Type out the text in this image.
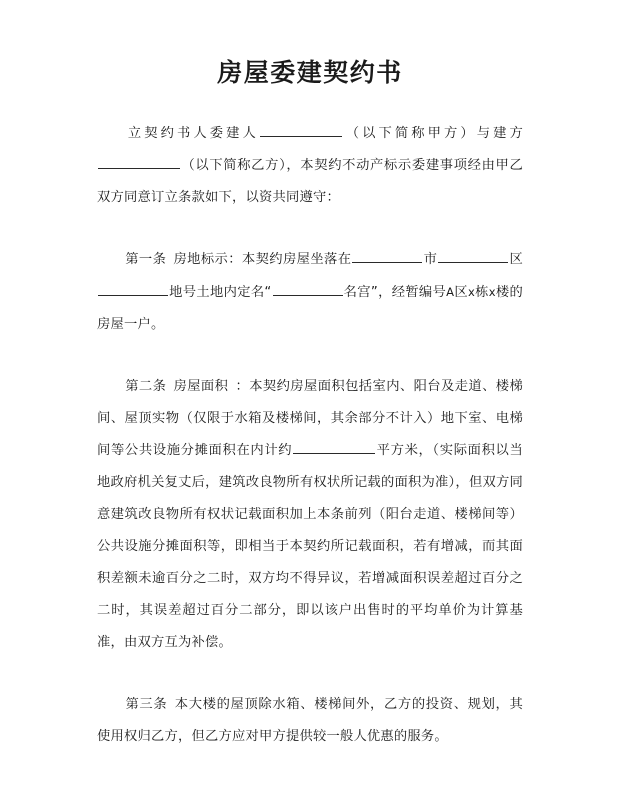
房屋委建契约书

立契约书人委建人	（以下简称甲方）与建方（以下简称乙方），本契约不动产标示委建事项经由甲乙双方同意订立条款如下，以资共同遵守：

第一条 房地标示：本契约房屋坐落在	市	区地号土地内定名“	名宫”，经暂编号A区x栋x楼的房屋一户。

第二条 房屋面积 ：本契约房屋面积包括室内、阳台及走道、楼梯间、屋顶实物（仅限于水箱及楼梯间，其余部分不计入）地下室、电梯间等公共设施分摊面积在内计约	平方米，（实际面积以当地政府机关复丈后，建筑改良物所有权状所记载的面积为准），但双方同意建筑改良物所有权状记载面积加上本条前列（阳台走道、楼梯间等）公共设施分摊面积等，即相当于本契约所记载面积，若有增减，而其面积差额未逾百分之二时，双方均不得异议，若增减面积误差超过百分之二时，其误差超过百分二部分，即以该户出售时的平均单价为计算基准，由双方互为补偿。

第三条 本大楼的屋顶除水箱、楼梯间外，乙方的投资、规划，其使用权归乙方，但乙方应对甲方提供较一般人优惠的服务。
